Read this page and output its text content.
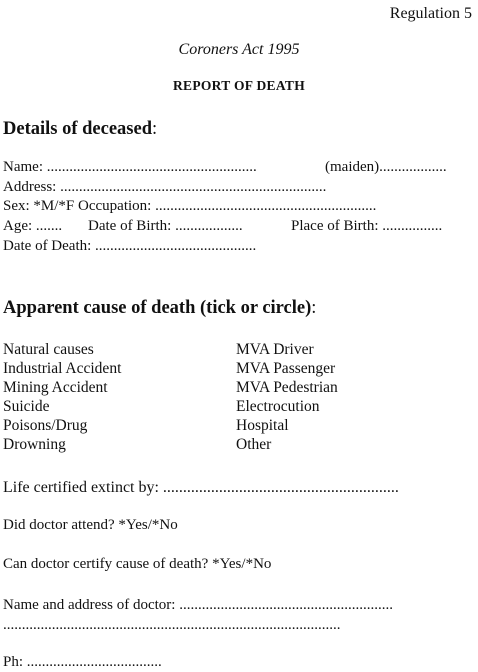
Regulation 5
Coroners Act 1995
REPORT OF DEATH
Details of deceased:
Name: ........................................................	(maiden)..................
Address: .......................................................................
Sex: *M/*F Occupation: ...........................................................
Age: ....... Date of Birth: ..................	Place of Birth: ................
Date of Death: ...........................................
Apparent cause of death (tick or circle):
Natural causes
Industrial Accident
Mining Accident
Suicide
Poisons/Drug
Drowning
MVA Driver
MVA Passenger
MVA Pedestrian
Electrocution
Hospital
Other
Life certified extinct by: ...........................................................
Did doctor attend? *Yes/*No
Can doctor certify cause of death? *Yes/*No
Name and address of doctor: .........................................................
..........................................................................................
Ph: ....................................
